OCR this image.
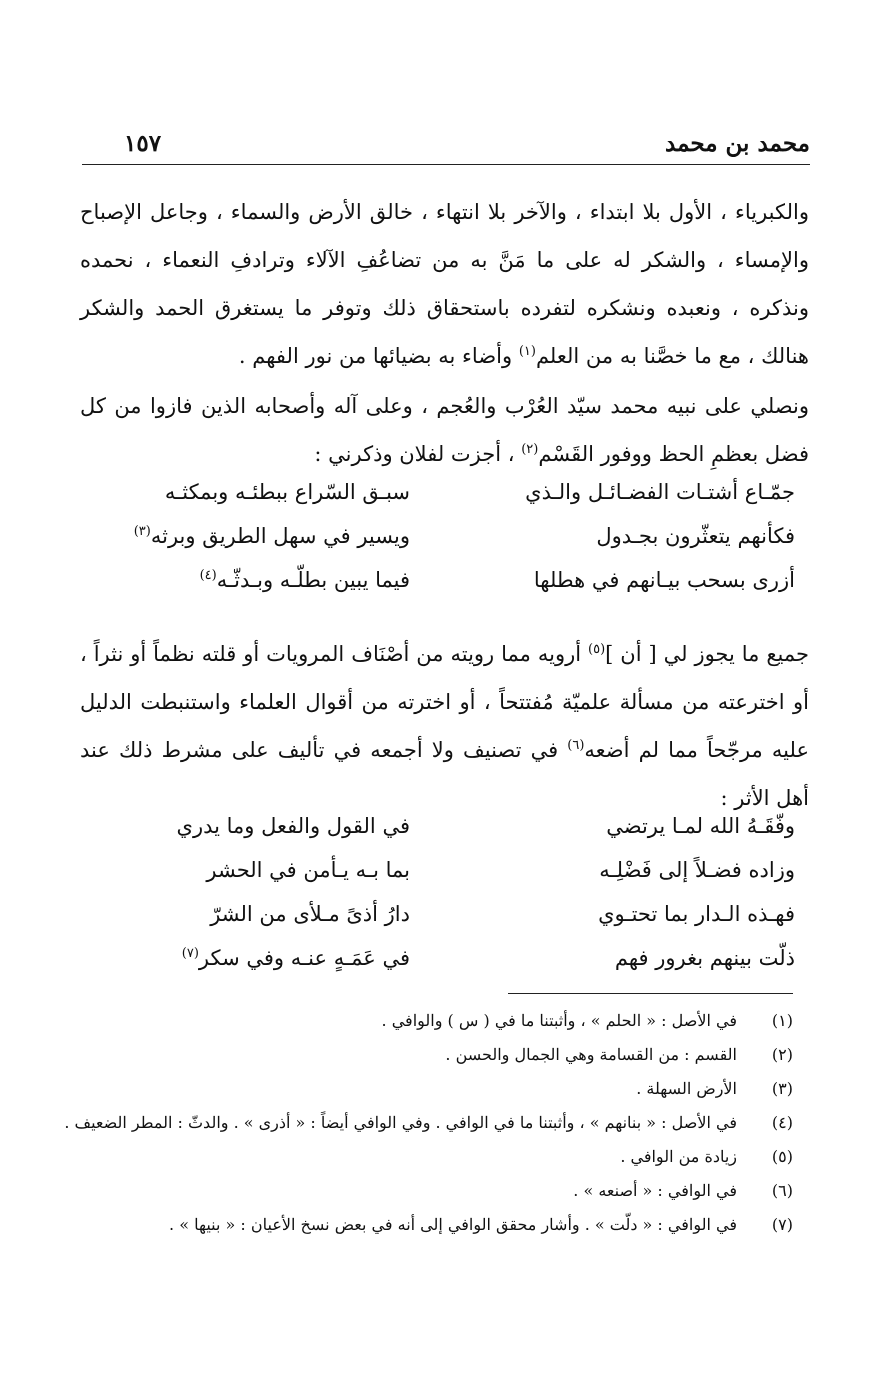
محمد بن محمد
١٥٧

والكبرياء ، الأول بلا ابتداء ، والآخر بلا انتهاء ، خالق الأرض والسماء ، وجاعل الإصباح والإمساء ، والشكر له على ما مَنَّ به من تضاعُفِ الآلاء وترادفِ النعماء ، نحمده ونذكره ، ونعبده ونشكره لتفرده باستحقاق ذلك وتوفر ما يستغرق الحمد والشكر هنالك ، مع ما خصَّنا به من العلم$^{(١)}$ وأضاء به بضيائها من نور الفهم .

ونصلي على نبيه محمد سيّد العُرْب والعُجم ، وعلى آله وأصحابه الذين فازوا من كل فضل بعظمِ الحظ ووفور القَسْم$^{(٢)}$ ، أجزت لفلان وذكرني :

جمّـاع أشتـات الفضـائـل والـذي
سبـق السّراع ببطئـه وبمكثـه
فكأنهم يتعثّرون بجـدول
ويسير في سهل الطريق وبرثه$^{(٣)}$
أزرى بسحب بيـانهم في هطلها
فيما يبين بطلّـه وبـدثّـه$^{(٤)}$

جميع ما يجوز لي [ أن ]$^{(٥)}$ أرويه مما رويته من أصْنَاف المرويات أو قلته نظماً أو نثراً ، أو اخترعته من مسألة علميّة مُفتتحاً ، أو اخترته من أقوال العلماء واستنبطت الدليل عليه مرجّحاً مما لم أضعه$^{(٦)}$ في تصنيف ولا أجمعه في تأليف على مشرط ذلك عند أهل الأثر :

وفّقَـهُ الله لمـا يرتضي
في القول والفعل وما يدري
وزاده فضـلاً إلى فَضْلِـه
بما بـه يـأمن في الحشر
فهـذه الـدار بما تحتـوي
دارُ أذىً مـلأى من الشرّ
ذلّت بينهم بغرور فهم
في عَمَـهٍ عنـه وفي سكر$^{(٧)}$
(١)
في الأصل : « الحلم » ، وأثبتنا ما في ( س ) والوافي .
(٢)
القسم : من القسامة وهي الجمال والحسن .
(٣)
الأرض السهلة .
(٤)
في الأصل : « بنانهم » ، وأثبتنا ما في الوافي . وفي الوافي أيضاً : « أذرى » . والدثّ : المطر الضعيف .
(٥)
زيادة من الوافي .
(٦)
في الوافي : « أصنعه » .
(٧)
في الوافي : « دلّت » . وأشار محقق الوافي إلى أنه في بعض نسخ الأعيان : « بنيها » .
